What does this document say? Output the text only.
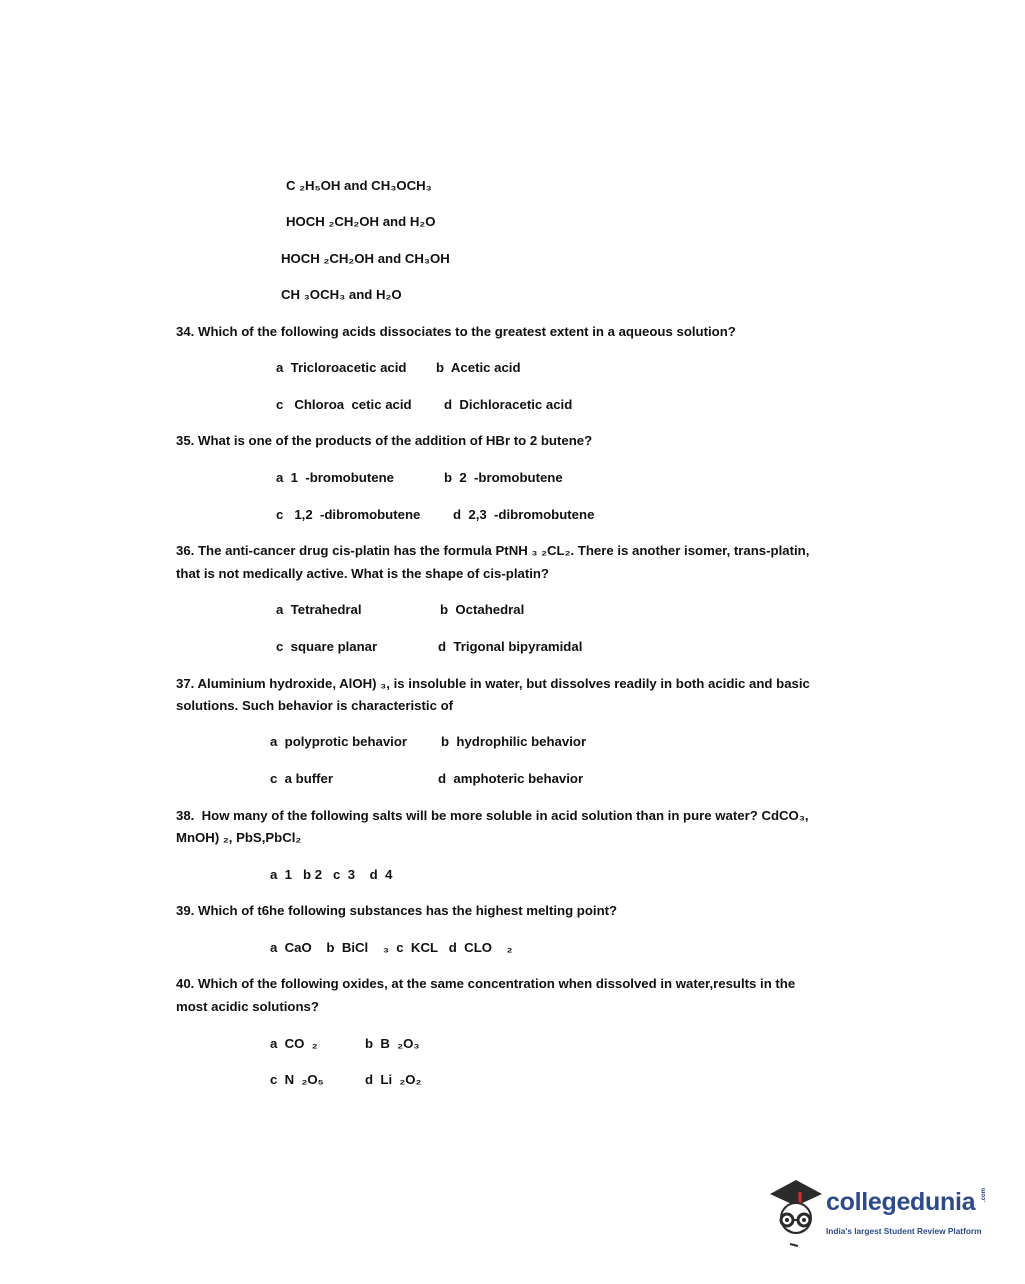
C ₂H₅OH and CH₃OCH₃
HOCH ₂CH₂OH and H₂O
HOCH ₂CH₂OH and CH₃OH
CH ₃OCH₃ and H₂O
34. Which of the following acids dissociates to the greatest extent in a aqueous solution?
a  Tricloroacetic acid b  Acetic acid
c   Chloroa  cetic acid d  Dichloracetic acid
35. What is one of the products of the addition of HBr to 2 butene?
a  1  -bromobutene	b  2  -bromobutene
c   1,2  -dibromobutene d  2,3  -dibromobutene
36. The anti-cancer drug cis-platin has the formula PtNH ₃ ₂CL₂. There is another isomer, trans-platin,
that is not medically active. What is the shape of cis-platin?
a  Tetrahedral	b  Octahedral
c  square planar	d  Trigonal bipyramidal
37. Aluminium hydroxide, AlOH) ₃, is insoluble in water, but dissolves readily in both acidic and basic
solutions. Such behavior is characteristic of
a  polyprotic behavior	b  hydrophilic behavior
c  a buffer	d  amphoteric behavior
38.  How many of the following salts will be more soluble in acid solution than in pure water? CdCO₃,
MnOH) ₂, PbS,PbCl₂
a  1   b 2   c  3    d  4
39. Which of t6he following substances has the highest melting point?
a  CaO    b  BiCl    ₃  c  KCL   d  CLO    ₂
40. Which of the following oxides, at the same concentration when dissolved in water,results in the
most acidic solutions?
a  CO  ₂	b  B  ₂O₃
c  N  ₂O₅	d  Li  ₂O₂
collegedunia .com
India's largest Student Review Platform
